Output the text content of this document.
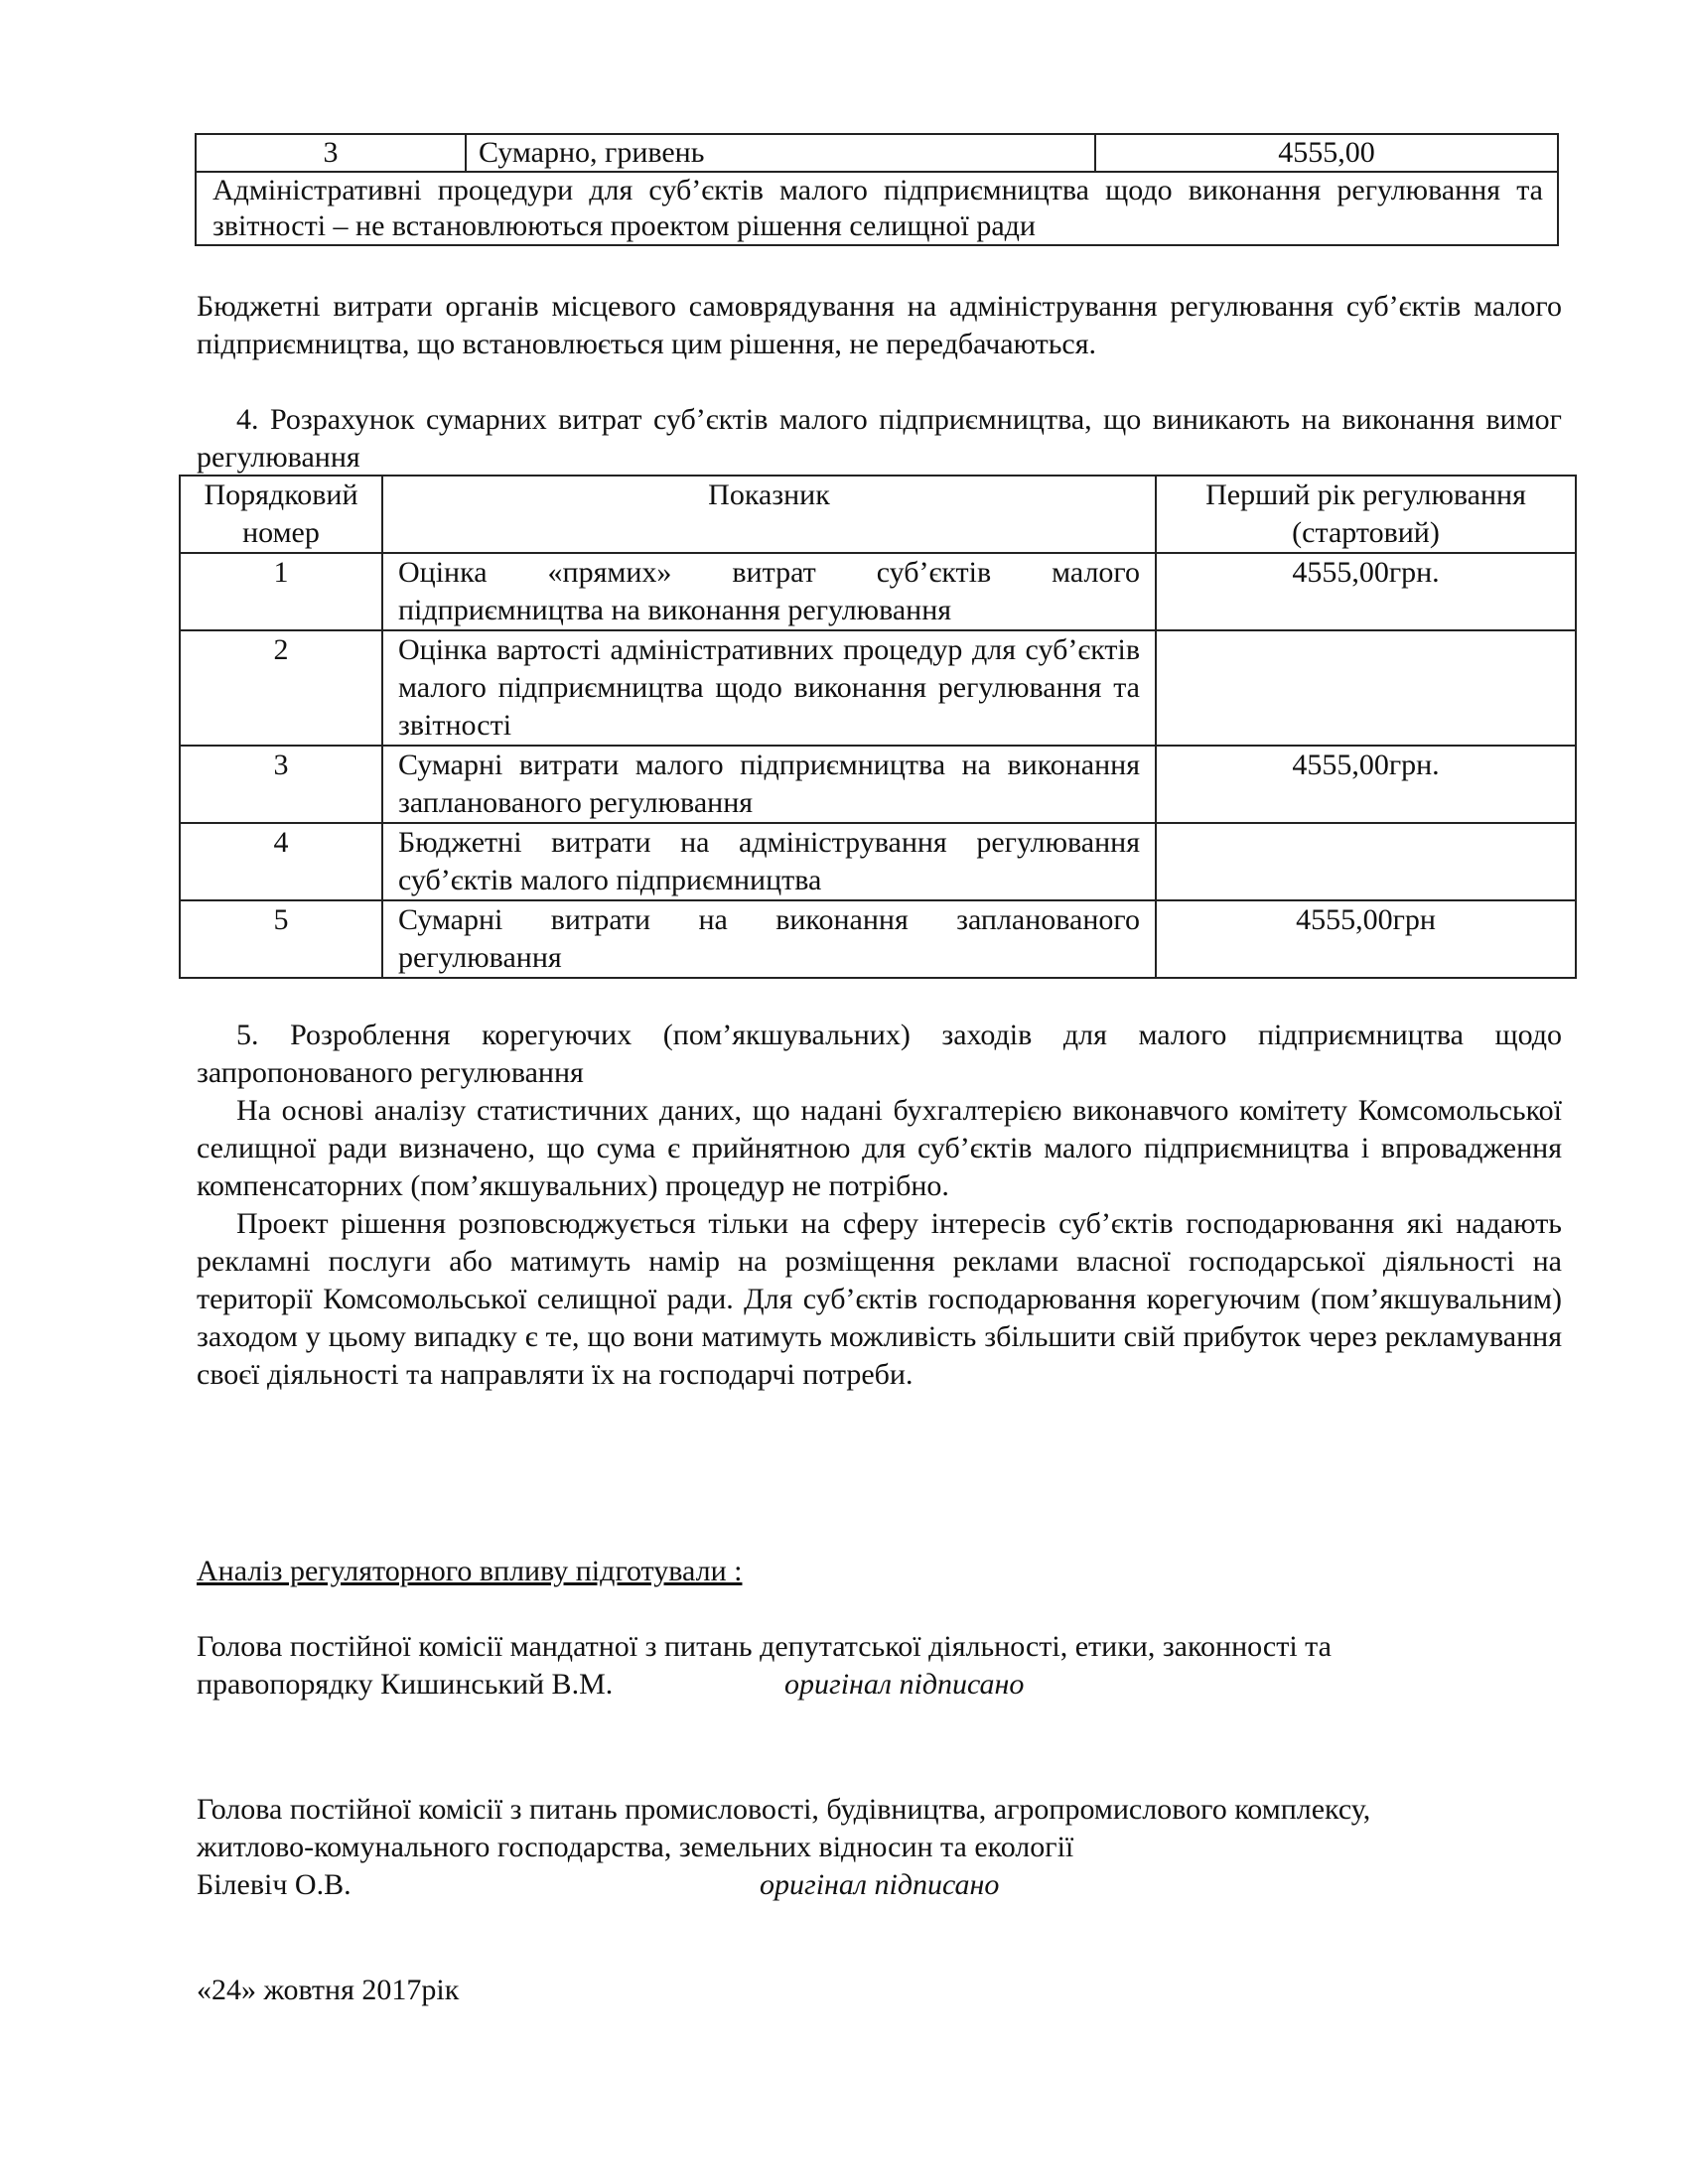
3	Сумарно, гривень	4555,00
Адміністративні процедури для суб’єктів малого підприємництва щодо виконання регулювання та звітності – не встановлюються проектом рішення селищної ради
Бюджетні витрати органів місцевого самоврядування на адміністрування регулювання суб’єктів малого підприємництва, що встановлюється цим рішення, не передбачаються.
4. Розрахунок сумарних витрат суб’єктів малого підприємництва, що виникають на виконання вимог регулювання
Порядковий номер	Показник	Перший рік регулювання (стартовий)
1	Оцінка «прямих» витрат суб’єктів малого підприємництва на виконання регулювання	4555,00грн.
2	Оцінка вартості адміністративних процедур для суб’єктів малого підприємництва щодо виконання регулювання та звітності	
3	Сумарні витрати малого підприємництва на виконання запланованого регулювання	4555,00грн.
4	Бюджетні витрати на адміністрування регулювання суб’єктів малого підприємництва	
5	Сумарні витрати на виконання запланованого регулювання	4555,00грн
5. Розроблення корегуючих (пом’якшувальних) заходів для малого підприємництва щодо запропонованого регулювання
На основі аналізу статистичних даних, що надані бухгалтерією виконавчого комітету Комсомольської селищної ради визначено, що сума є прийнятною для суб’єктів малого підприємництва і впровадження компенсаторних (пом’якшувальних) процедур не потрібно.
Проект рішення розповсюджується тільки на сферу інтересів суб’єктів господарювання які надають рекламні послуги або матимуть намір на розміщення реклами власної господарської діяльності на території Комсомольської селищної ради. Для суб’єктів господарювання корегуючим (пом’якшувальним) заходом у цьому випадку є те, що вони матимуть можливість збільшити свій прибуток через рекламування своєї діяльності та направляти їх на господарчі потреби.
Аналіз регуляторного впливу підготували :
Голова постійної комісії мандатної з питань депутатської діяльності, етики, законності та
правопорядку Кишинський В.М.	оригінал підписано
Голова постійної комісії з питань промисловості, будівництва, агропромислового комплексу,
житлово-комунального господарства, земельних відносин та екології
Білевіч О.В.	оригінал підписано
«24» жовтня 2017рік
